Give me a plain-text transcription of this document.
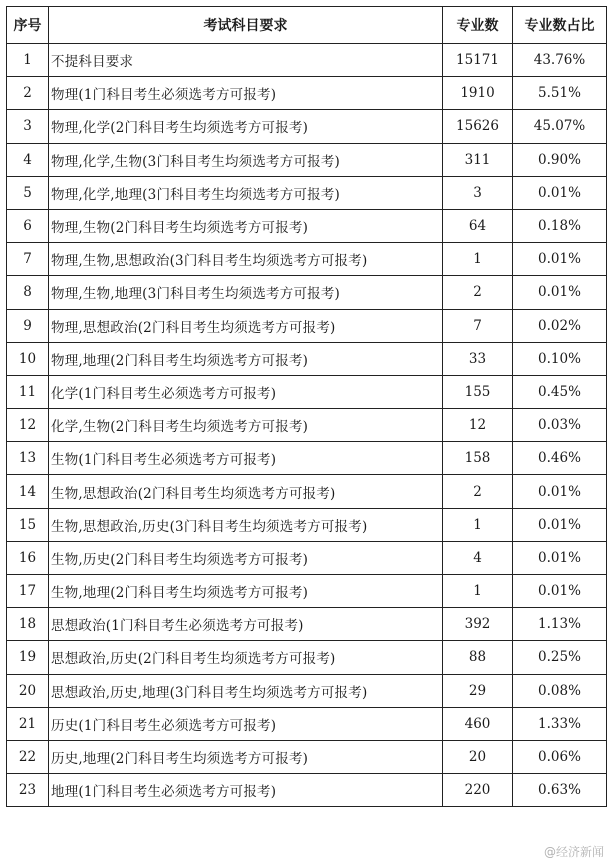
序号	考试科目要求	专业数	专业数占比
1	不提科目要求	15171	43.76%
2	物理(1门科目考生必须选考方可报考)	1910	5.51%
3	物理,化学(2门科目考生均须选考方可报考)	15626	45.07%
4	物理,化学,生物(3门科目考生均须选考方可报考)	311	0.90%
5	物理,化学,地理(3门科目考生均须选考方可报考)	3	0.01%
6	物理,生物(2门科目考生均须选考方可报考)	64	0.18%
7	物理,生物,思想政治(3门科目考生均须选考方可报考)	1	0.01%
8	物理,生物,地理(3门科目考生均须选考方可报考)	2	0.01%
9	物理,思想政治(2门科目考生均须选考方可报考)	7	0.02%
10	物理,地理(2门科目考生均须选考方可报考)	33	0.10%
11	化学(1门科目考生必须选考方可报考)	155	0.45%
12	化学,生物(2门科目考生均须选考方可报考)	12	0.03%
13	生物(1门科目考生必须选考方可报考)	158	0.46%
14	生物,思想政治(2门科目考生均须选考方可报考)	2	0.01%
15	生物,思想政治,历史(3门科目考生均须选考方可报考)	1	0.01%
16	生物,历史(2门科目考生均须选考方可报考)	4	0.01%
17	生物,地理(2门科目考生均须选考方可报考)	1	0.01%
18	思想政治(1门科目考生必须选考方可报考)	392	1.13%
19	思想政治,历史(2门科目考生均须选考方可报考)	88	0.25%
20	思想政治,历史,地理(3门科目考生均须选考方可报考)	29	0.08%
21	历史(1门科目考生必须选考方可报考)	460	1.33%
22	历史,地理(2门科目考生均须选考方可报考)	20	0.06%
23	地理(1门科目考生必须选考方可报考)	220	0.63%
@经济新闻
